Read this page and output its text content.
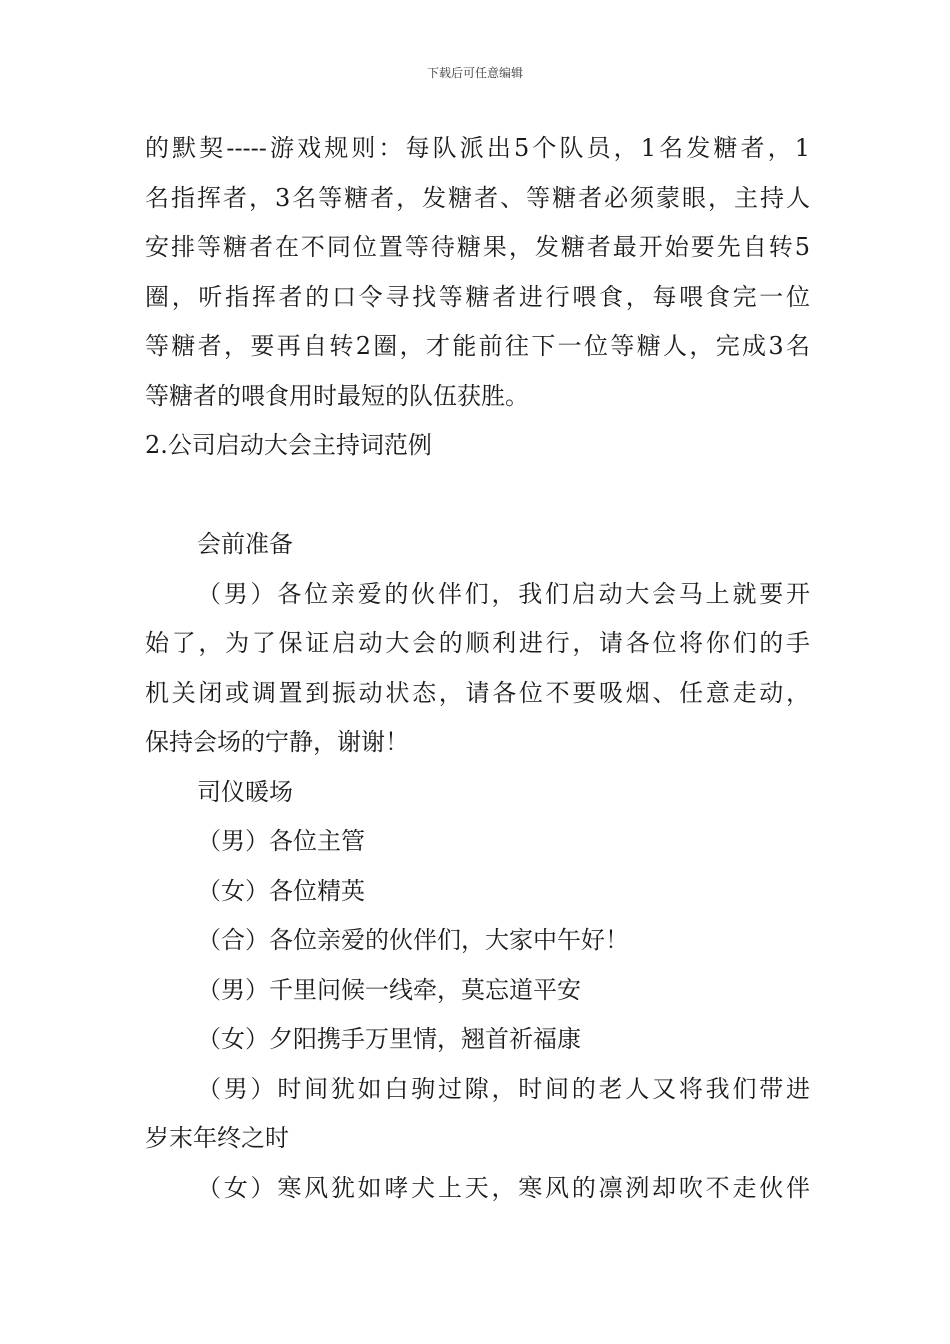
下载后可任意编辑
的默契-----游戏规则：每队派出5个队员，1名发糖者，1
名指挥者，3名等糖者，发糖者、等糖者必须蒙眼，主持人
安排等糖者在不同位置等待糖果，发糖者最开始要先自转5
圈，听指挥者的口令寻找等糖者进行喂食，每喂食完一位
等糖者，要再自转2圈，才能前往下一位等糖人，完成3名
等糖者的喂食用时最短的队伍获胜。
2.公司启动大会主持词范例
会前准备
（男）各位亲爱的伙伴们，我们启动大会马上就要开
始了，为了保证启动大会的顺利进行，请各位将你们的手
机关闭或调置到振动状态，请各位不要吸烟、任意走动，
保持会场的宁静，谢谢！
司仪暖场
（男）各位主管
（女）各位精英
（合）各位亲爱的伙伴们，大家中午好！
（男）千里问候一线牵，莫忘道平安
（女）夕阳携手万里情，翘首祈福康
（男）时间犹如白驹过隙，时间的老人又将我们带进
岁末年终之时
（女）寒风犹如哮犬上天，寒风的凛洌却吹不走伙伴
